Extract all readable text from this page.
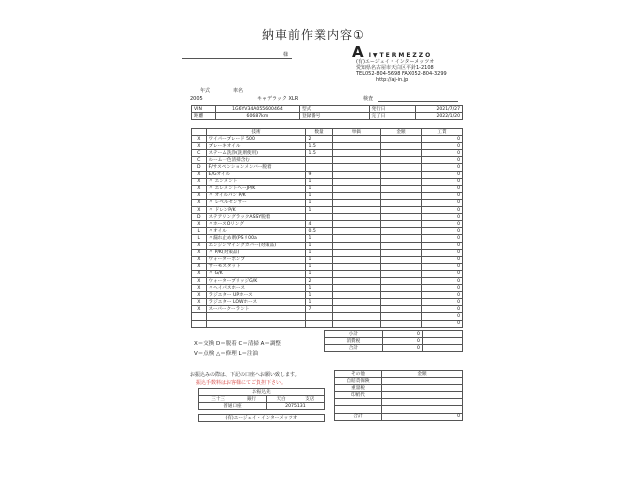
納車前作業内容①
様	A I▼TERMEZZO
(有)エージェイ・インターメッツオ
愛知県名古屋市天白区平針1-2108
TEL052-804-5698 FAX052-804-3299
http://aj-in.jp
年式	車名
2005	キャデラック XLR	検査
VIN	1G6YV34A055600464	型式	発行日	2021/7/27
距離	60687km	登録番号	完了日	2022/1/20
	技術	数量	単価	金額	工賃
X	ワイパーブレード 500	2			0
X	ブレーキオイル	1.5			0
C	ステーム洗浄(洗剤使用)	1.5			0
C	ルーム一色清掃含む				0
D	F/サスペンションメンバー脱着				0
X	E/Gオイル	9			0
X	〃 エンメント	1			0
X	〃 エレメントヘーJP/K	1			0
X	〃 オイルパン P/K	1			0
X	〃 レベルセンサー	1			0
X	〃 ドレンP/K	1			0
D	ステアリングラックASSY脱着				0
X	〃ホースOリング	4			0
L	〃オイル	0.5			0
L	〃漏れ止め剤(PSリ00a	1			0
X	エンジンマイングカバー(対策品)	1			0
X	〃 P/K(対策品)	1			0
X	ウォーターポンプ	1			0
X	サーモスタット	1			0
X	〃 G/K	1			0
X	ウォーターブリッジG/K	2			0
X	〃ヘイパスホース	1			0
X	ラジエター UPホース	1			0
X	ラジエター LOWホース	1			0
X	スーパークーラント	7			0
					0
					0
X＝交換 D＝脱着 C＝清掃 A＝調整
V＝点検 △＝修理 L＝注油
小計	0	
消費税	0	
合計	0	
お振込みの際は、下記の口座へお願い致します。
振込手数料はお客様にてご負担下さい。
お振込先			
三十三	銀行	天白	支店
普通口座		2075131	

(有)エージェイ・インターメッツオ			
その他	金額
自賠責保険	
重量税	
印紙代	

合計	0
